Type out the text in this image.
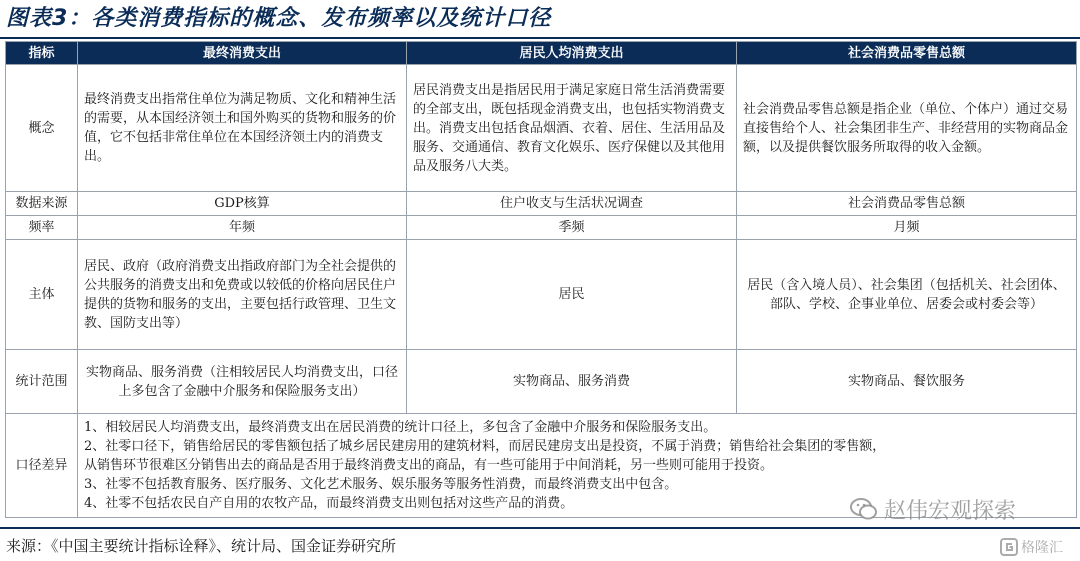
图表3：各类消费指标的概念、发布频率以及统计口径
指标	最终消费支出	居民人均消费支出	社会消费品零售总额
概念	最终消费支出指常住单位为满足物质、文化和精神生活的需要，从本国经济领土和国外购买的货物和服务的价值，它不包括非常住单位在本国经济领土内的消费支出。	居民消费支出是指居民用于满足家庭日常生活消费需要的全部支出，既包括现金消费支出，也包括实物消费支出。消费支出包括食品烟酒、衣着、居住、生活用品及服务、交通通信、教育文化娱乐、医疗保健以及其他用品及服务八大类。	社会消费品零售总额是指企业（单位、个体户）通过交易直接售给个人、社会集团非生产、非经营用的实物商品金额，以及提供餐饮服务所取得的收入金额。
数据来源	GDP核算	住户收支与生活状况调查	社会消费品零售总额
频率	年频	季频	月频
主体	居民、政府（政府消费支出指政府部门为全社会提供的公共服务的消费支出和免费或以较低的价格向居民住户提供的货物和服务的支出，主要包括行政管理、卫生文教、国防支出等）	居民	居民（含入境人员）、社会集团（包括机关、社会团体、部队、学校、企事业单位、居委会或村委会等）
统计范围	实物商品、服务消费（注相较居民人均消费支出，口径上多包含了金融中介服务和保险服务支出）	实物商品、服务消费	实物商品、餐饮服务
口径差异	1、相较居民人均消费支出，最终消费支出在居民消费的统计口径上，多包含了金融中介服务和保险服务支出。
2、社零口径下，销售给居民的零售额包括了城乡居民建房用的建筑材料，而居民建房支出是投资，不属于消费；销售给社会集团的零售额，
从销售环节很难区分销售出去的商品是否用于最终消费支出的商品，有一些可能用于中间消耗，另一些则可能用于投资。
3、社零不包括教育服务、医疗服务、文化艺术服务、娱乐服务等服务性消费，而最终消费支出中包含。
4、社零不包括农民自产自用的农牧产品，而最终消费支出则包括对这些产品的消费。		
来源：《中国主要统计指标诠释》、统计局、国金证券研究所
赵伟宏观探索
格隆汇
